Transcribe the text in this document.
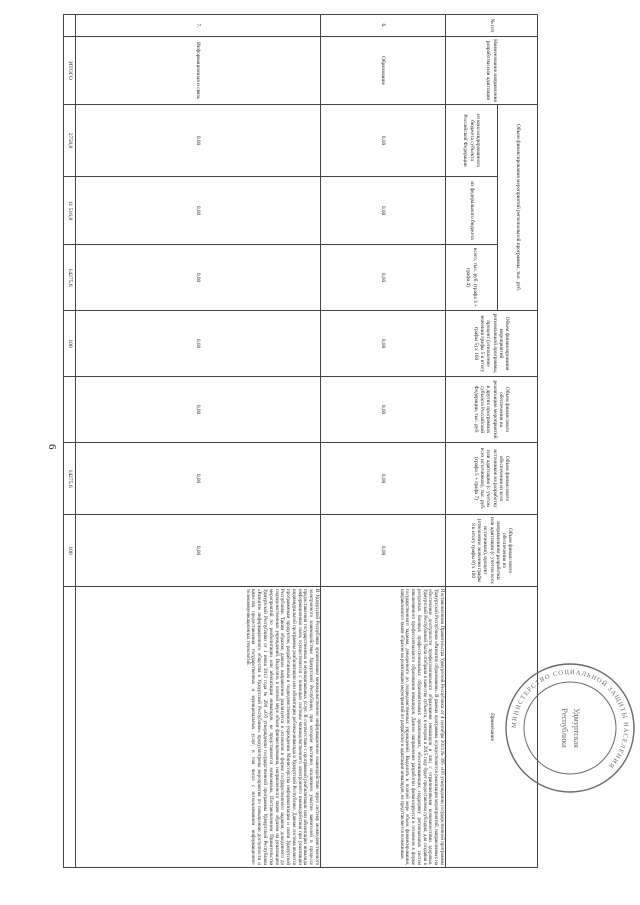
6
№ п/п	Наименование направления разработки или адаптации	Объем финансирования мероприятий региональной программы, тыс. руб.			Объем финансирования мероприятий региональной программы, процент (отношение значения графы 5 к итогу графы 5) х 100	Объем финансового обеспечения на реализацию мероприятий в других программах субъекта Российской Федерации, тыс. руб.	Объем финансового обеспечения из всех источников на разработку или адаптацию (с учетом всех источников), тыс. руб. (графа 5 + графа 7)	Объем финансового обеспечения по направлениям разработки или адаптации (с учетом всех источников), процент (отношение значения графы 8 к итогу графы 8) х 100	Примечание
		из консолидированного бюджета субъекта Российской Федерации	из федерального бюджета	всего, тыс. руб. (графа 3 + графа 4)					
6.	Образование	0,00	0,00	0,00	0,00	0,00	0,00	0,00	Постановлением Правительства Удмуртской Республики от 4 сентября 2013 № 395 «Об утверждении государственной программы Удмуртской Республики «Развитие образования». В рамках программы осуществляется реализация мероприятий, направленных на обеспечение доступности профессионального образования инвалидов и лиц с ограниченными возможностями здоровья. Удмуртской Республикой была отобрана в качестве субъекта, в котором в 2015 году будет предоставлена субсидия, для создания в ресурсных базовых профессиональных образовательных организациях, обеспечивающих поддержку региональных систем инклюзивного профессионального образования инвалидов. Данное направление разработки финансируется в основном в форме государственного задания, доведенного до подведомственных учреждений. Выделить в полной мере объем финансирования, направленного таким образом на реализацию мероприятий по разработке и адаптации инвалидов, не представляется возможным.
7.	Информационная и связь	0,00	0,00	0,00	0,00	0,00	0,00	0,00	В Удмуртской Республике организовано межведомственное информационное взаимодействие через систему межведомственного электронного взаимодействия Удмуртской Республики, при котором частично исключено участие заявителей в процессе предоставления государственных и муниципальных услуг. В соответствии с программой реабилитации или абилитации инвалида информационная связь осуществляется с помощью системы межведомственного электронного взаимодействия при реализации индивидуальной программы реабилитации или абилитации ребенка-инвалида в Удмуртской Республике. Данная система является программным продуктом, разработанным в подведомственном учреждении Министерства информатизации и связи Удмуртской Республики. Таким образом, данное направление реализуется в основном в форме государственного задания, доведенного до подведомственных учреждений. Выделить в полной мере объем финансирования, направленного таким образом на реализацию мероприятий по реабилитации или абилитации инвалидов, не представляется возможным. Постановлением Правительства Удмуртской Республики от 1 июля 2013 года № 290 «Об утверждении государственной программы Удмуртской Республики «Развитие информационного общества в Удмуртской Республике» предусмотрены мероприятия по повышению доступности и качества предоставления государственных и муниципальных услуг, в том числе с использованием информационно-телекоммуникационных технологий.
	ИТОГО	2758,8	11 516,8	14275,6	100		14275,6	100	
МИНИСТЕРСТВО СОЦИАЛЬНОЙ ЗАЩИТЫ НАСЕЛЕНИЯ
Удмуртская
Республика
